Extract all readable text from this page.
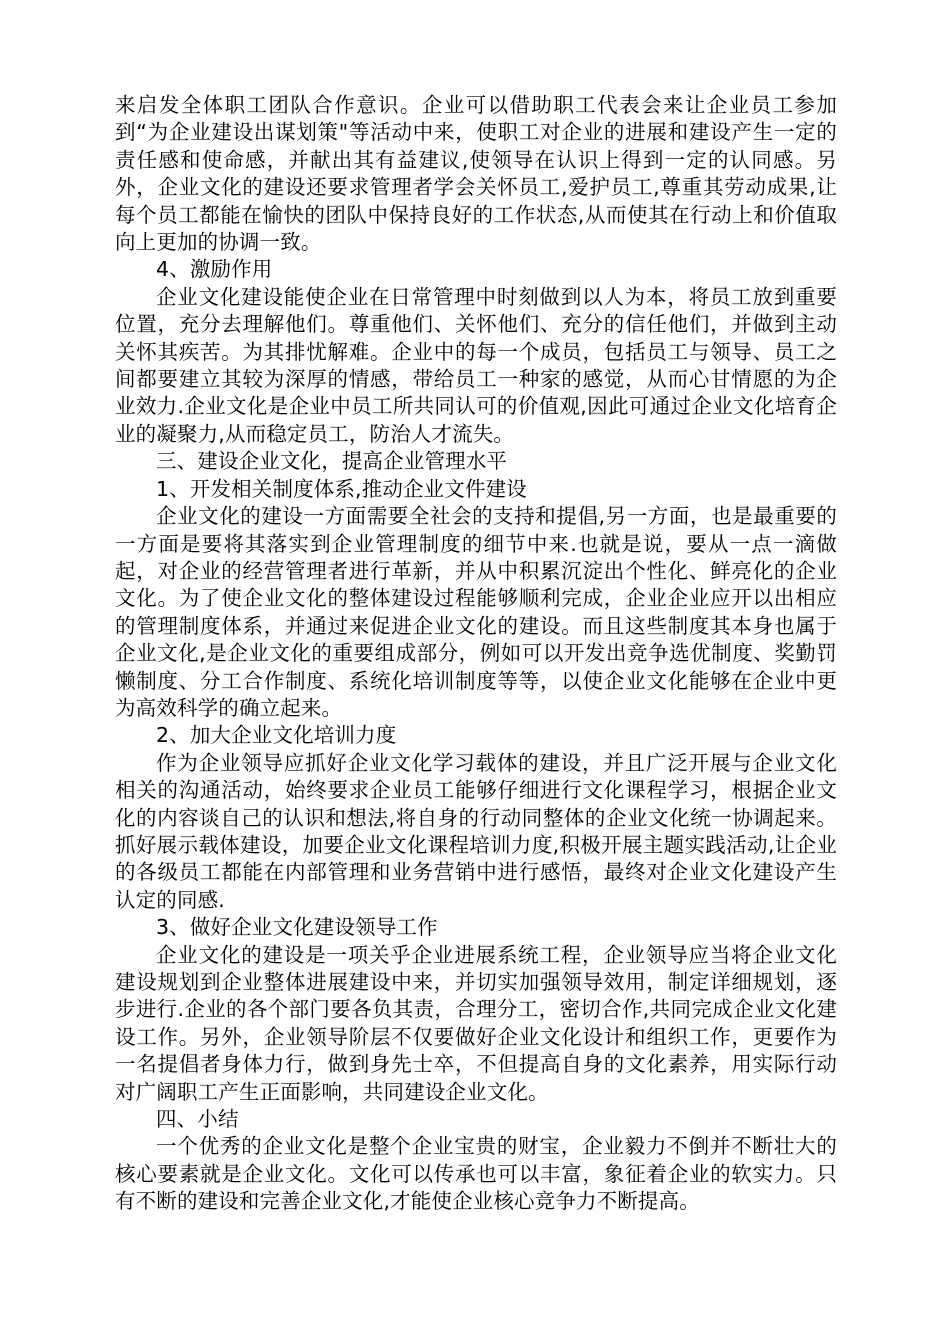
来启发全体职工团队合作意识。企业可以借助职工代表会来让企业员工参加到“为企业建设出谋划策"等活动中来，使职工对企业的进展和建设产生一定的责任感和使命感，并献出其有益建议,使领导在认识上得到一定的认同感。另外，企业文化的建设还要求管理者学会关怀员工,爱护员工,尊重其劳动成果,让每个员工都能在愉快的团队中保持良好的工作状态,从而使其在行动上和价值取向上更加的协调一致。

4、激励作用

企业文化建设能使企业在日常管理中时刻做到以人为本，将员工放到重要位置，充分去理解他们。尊重他们、关怀他们、充分的信任他们，并做到主动关怀其疾苦。为其排忧解难。企业中的每一个成员，包括员工与领导、员工之间都要建立其较为深厚的情感，带给员工一种家的感觉，从而心甘情愿的为企业效力.企业文化是企业中员工所共同认可的价值观,因此可通过企业文化培育企业的凝聚力,从而稳定员工，防治人才流失。

三、建设企业文化，提高企业管理水平

1、开发相关制度体系,推动企业文件建设

企业文化的建设一方面需要全社会的支持和提倡,另一方面，也是最重要的一方面是要将其落实到企业管理制度的细节中来.也就是说，要从一点一滴做起，对企业的经营管理者进行革新，并从中积累沉淀出个性化、鲜亮化的企业文化。为了使企业文化的整体建设过程能够顺利完成，企业企业应开以出相应的管理制度体系，并通过来促进企业文化的建设。而且这些制度其本身也属于企业文化,是企业文化的重要组成部分，例如可以开发出竞争选优制度、奖勤罚懒制度、分工合作制度、系统化培训制度等等，以使企业文化能够在企业中更为高效科学的确立起来。

2、加大企业文化培训力度

作为企业领导应抓好企业文化学习载体的建设，并且广泛开展与企业文化相关的沟通活动，始终要求企业员工能够仔细进行文化课程学习，根据企业文化的内容谈自己的认识和想法,将自身的行动同整体的企业文化统一协调起来。抓好展示载体建设，加要企业文化课程培训力度,积极开展主题实践活动,让企业的各级员工都能在内部管理和业务营销中进行感悟，最终对企业文化建设产生认定的同感.

3、做好企业文化建设领导工作

企业文化的建设是一项关乎企业进展系统工程，企业领导应当将企业文化建设规划到企业整体进展建设中来，并切实加强领导效用，制定详细规划，逐步进行.企业的各个部门要各负其责，合理分工，密切合作,共同完成企业文化建设工作。另外，企业领导阶层不仅要做好企业文化设计和组织工作，更要作为一名提倡者身体力行，做到身先士卒，不但提高自身的文化素养，用实际行动对广阔职工产生正面影响，共同建设企业文化。

四、小结

一个优秀的企业文化是整个企业宝贵的财宝，企业毅力不倒并不断壮大的核心要素就是企业文化。文化可以传承也可以丰富，象征着企业的软实力。只有不断的建设和完善企业文化,才能使企业核心竞争力不断提高。
